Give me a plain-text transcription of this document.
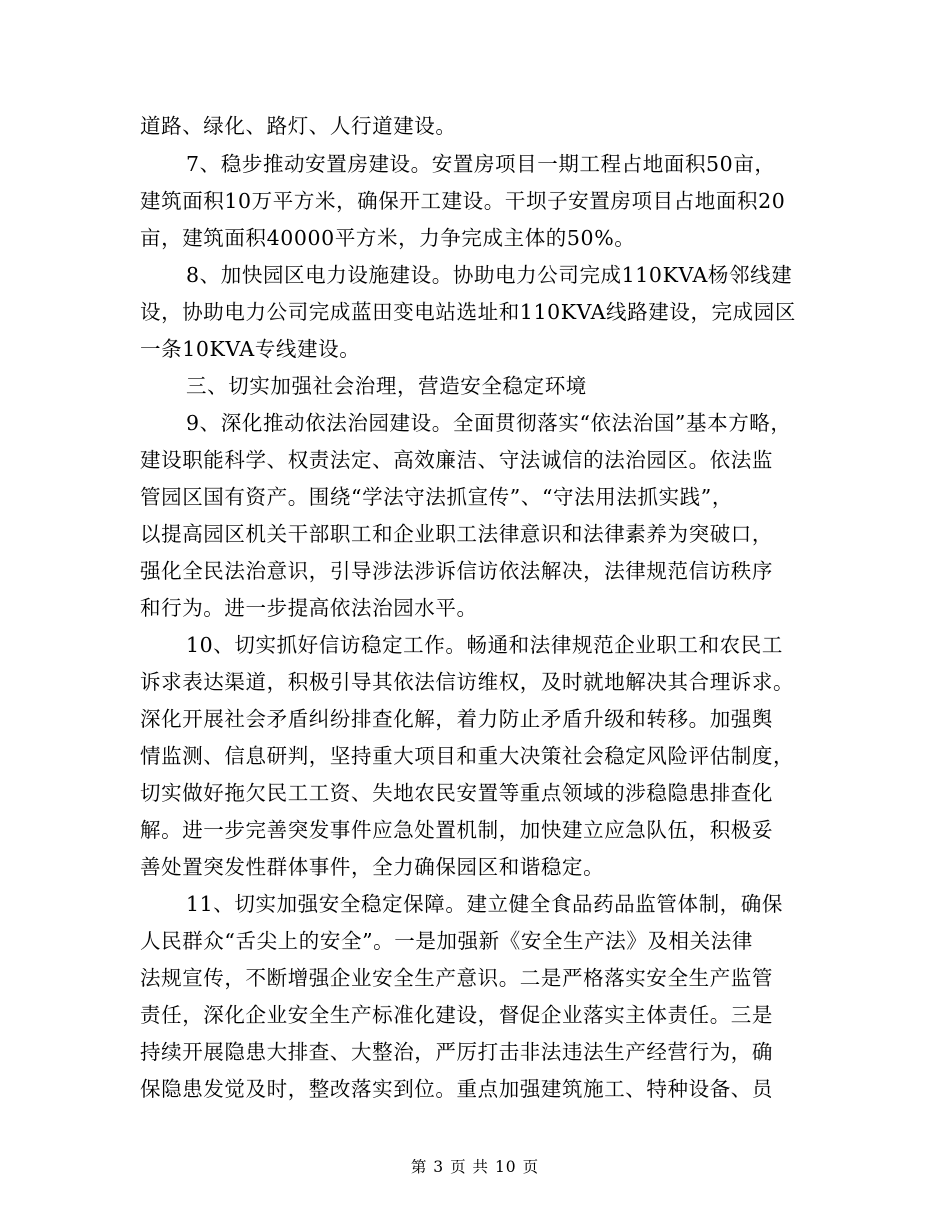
道路、绿化、路灯、人行道建设。
7、稳步推动安置房建设。安置房项目一期工程占地面积50亩，
建筑面积10万平方米，确保开工建设。干坝子安置房项目占地面积20
亩，建筑面积40000平方米，力争完成主体的50%。
8、加快园区电力设施建设。协助电力公司完成110KVA杨邻线建
设，协助电力公司完成蓝田变电站选址和110KVA线路建设，完成园区
一条10KVA专线建设。
三、切实加强社会治理，营造安全稳定环境
9、深化推动依法治园建设。全面贯彻落实“依法治国”基本方略，
建设职能科学、权责法定、高效廉洁、守法诚信的法治园区。依法监
管园区国有资产。围绕“学法守法抓宣传”、“守法用法抓实践”，
以提高园区机关干部职工和企业职工法律意识和法律素养为突破口，
强化全民法治意识，引导涉法涉诉信访依法解决，法律规范信访秩序
和行为。进一步提高依法治园水平。
10、切实抓好信访稳定工作。畅通和法律规范企业职工和农民工
诉求表达渠道，积极引导其依法信访维权，及时就地解决其合理诉求。
深化开展社会矛盾纠纷排查化解，着力防止矛盾升级和转移。加强舆
情监测、信息研判，坚持重大项目和重大决策社会稳定风险评估制度，
切实做好拖欠民工工资、失地农民安置等重点领域的涉稳隐患排查化
解。进一步完善突发事件应急处置机制，加快建立应急队伍，积极妥
善处置突发性群体事件，全力确保园区和谐稳定。
11、切实加强安全稳定保障。建立健全食品药品监管体制，确保
人民群众“舌尖上的安全”。一是加强新《安全生产法》及相关法律
法规宣传，不断增强企业安全生产意识。二是严格落实安全生产监管
责任，深化企业安全生产标准化建设，督促企业落实主体责任。三是
持续开展隐患大排查、大整治，严厉打击非法违法生产经营行为，确
保隐患发觉及时，整改落实到位。重点加强建筑施工、特种设备、员
第 3 页 共 10 页
